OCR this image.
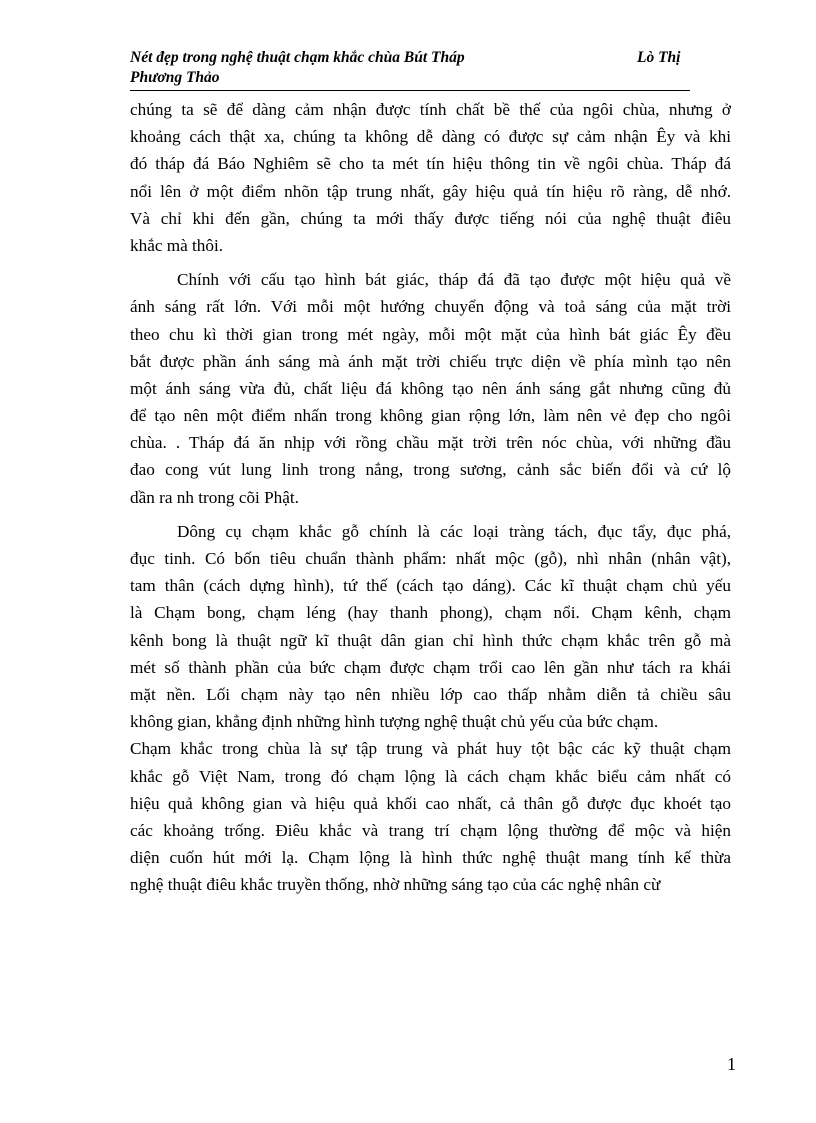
Nét đẹp trong nghệ thuật chạm khắc chùa Bút Tháp	Lò Thị
Phương Thảo
chúng ta sẽ để dàng cảm nhận được tính chất bề thế của ngôi chùa, nhưng ở
khoảng cách thật xa, chúng ta không dễ dàng có được sự cảm nhận Êy và khi
đó tháp đá Báo Nghiêm sẽ cho ta mét tín hiệu thông tin về ngôi chùa. Tháp đá
nổi lên ở một điểm nhõn tập trung nhất, gây hiệu quả tín hiệu rõ ràng, dễ nhớ.
Và chỉ khi đến gần, chúng ta mới thấy được tiếng nói của nghệ thuật điêu
khắc mà thôi.
Chính với cấu tạo hình bát giác, tháp đá đã tạo được một hiệu quả về
ánh sáng rất lớn. Với mỗi một hướng chuyển động và toả sáng của mặt trời
theo chu kì thời gian trong mét ngày, mỗi một mặt của hình bát giác Êy đều
bắt được phần ánh sáng mà ánh mặt trời chiếu trực diện về phía mình tạo nên
một ánh sáng vừa đủ, chất liệu đá không tạo nên ánh sáng gắt nhưng cũng đủ
để tạo nên một điểm nhấn trong không gian rộng lớn, làm nên vẻ đẹp cho ngôi
chùa. . Tháp đá ăn nhịp với rồng chầu mặt trời trên nóc chùa, với những đầu
đao cong vút lung linh trong nắng, trong sương, cảnh sắc biến đổi và cứ lộ
dần ra nh trong cõi Phật.
Dông cụ chạm khắc gỗ chính là các loại tràng tách, đục tẩy, đục phá,
đục tinh. Có bốn tiêu chuẩn thành phẩm: nhất mộc (gỗ), nhì nhân (nhân vật),
tam thân (cách dựng hình), tứ thế (cách tạo dáng). Các kĩ thuật chạm chủ yếu
là Chạm bong, chạm léng (hay thanh phong), chạm nổi. Chạm kênh, chạm
kênh bong là thuật ngữ kĩ thuật dân gian chỉ hình thức chạm khắc trên gỗ mà
mét số thành phần của bức chạm được chạm trổi cao lên gần như tách ra khái
mặt nền. Lối chạm này tạo nên nhiều lớp cao thấp nhằm diễn tả chiều sâu
không gian, khẳng định những hình tượng nghệ thuật chủ yếu của bức chạm.
Chạm khắc trong chùa là sự tập trung và phát huy tột bậc các kỹ thuật chạm
khắc gỗ Việt Nam, trong đó chạm lộng là cách chạm khắc biểu cảm nhất có
hiệu quả không gian và hiệu quả khối cao nhất, cả thân gỗ được đục khoét tạo
các khoảng trống. Điêu khắc và trang trí chạm lộng thường để mộc và hiện
diện cuốn hút mới lạ. Chạm lộng là hình thức nghệ thuật mang tính kế thừa
nghệ thuật điêu khắc truyền thống, nhờ những sáng tạo của các nghệ nhân cừ
1
